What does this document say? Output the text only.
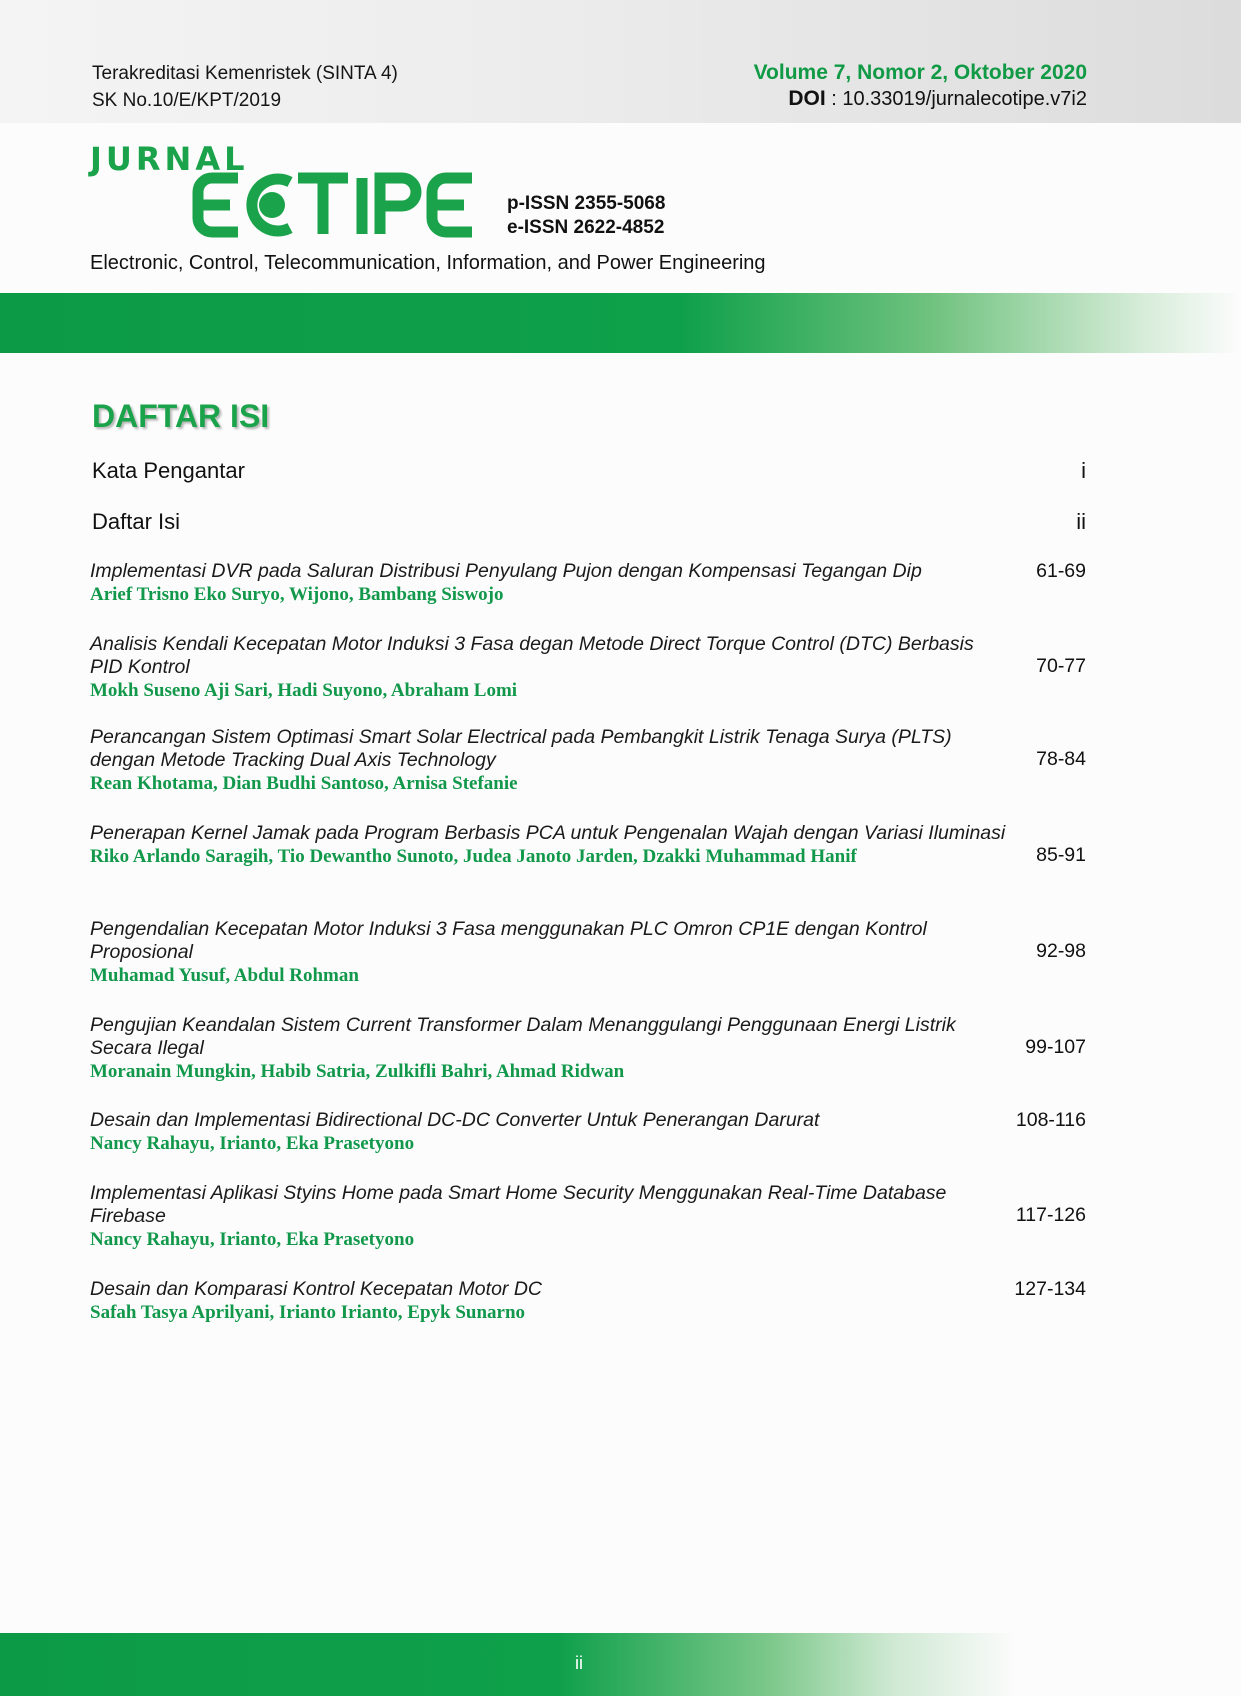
Terakreditasi Kemenristek (SINTA 4)
SK No.10/E/KPT/2019
Volume 7, Nomor 2, Oktober 2020
DOI : 10.33019/jurnalecotipe.v7i2
JURNAL
p-ISSN 2355-5068
e-ISSN 2622-4852
Electronic, Control, Telecommunication, Information, and Power Engineering
DAFTAR ISI
Kata Pengantar	i
Daftar Isi	ii
Implementasi DVR pada Saluran Distribusi Penyulang Pujon dengan Kompensasi Tegangan Dip
Arief Trisno Eko Suryo, Wijono, Bambang Siswojo
61-69
Analisis Kendali Kecepatan Motor Induksi 3 Fasa degan Metode Direct Torque Control (DTC) Berbasis PID Kontrol
Mokh Suseno Aji Sari, Hadi Suyono, Abraham Lomi
70-77
Perancangan Sistem Optimasi Smart Solar Electrical pada Pembangkit Listrik Tenaga Surya (PLTS) dengan Metode Tracking Dual Axis Technology
Rean Khotama, Dian Budhi Santoso, Arnisa Stefanie
78-84
Penerapan Kernel Jamak pada Program Berbasis PCA untuk Pengenalan Wajah dengan Variasi Iluminasi
Riko Arlando Saragih, Tio Dewantho Sunoto, Judea Janoto Jarden, Dzakki Muhammad Hanif	85-91
Pengendalian Kecepatan Motor Induksi 3 Fasa menggunakan PLC Omron CP1E dengan Kontrol Proposional
Muhamad Yusuf, Abdul Rohman
92-98
Pengujian Keandalan Sistem Current Transformer Dalam Menanggulangi Penggunaan Energi Listrik Secara Ilegal
Moranain Mungkin, Habib Satria, Zulkifli Bahri, Ahmad Ridwan
99-107
Desain dan Implementasi Bidirectional DC-DC Converter Untuk Penerangan Darurat
Nancy Rahayu, Irianto, Eka Prasetyono
108-116
Implementasi Aplikasi Styins Home pada Smart Home Security Menggunakan Real-Time Database Firebase
Nancy Rahayu, Irianto, Eka Prasetyono
117-126
Desain dan Komparasi Kontrol Kecepatan Motor DC
Safah Tasya Aprilyani, Irianto Irianto, Epyk Sunarno
127-134
ii
